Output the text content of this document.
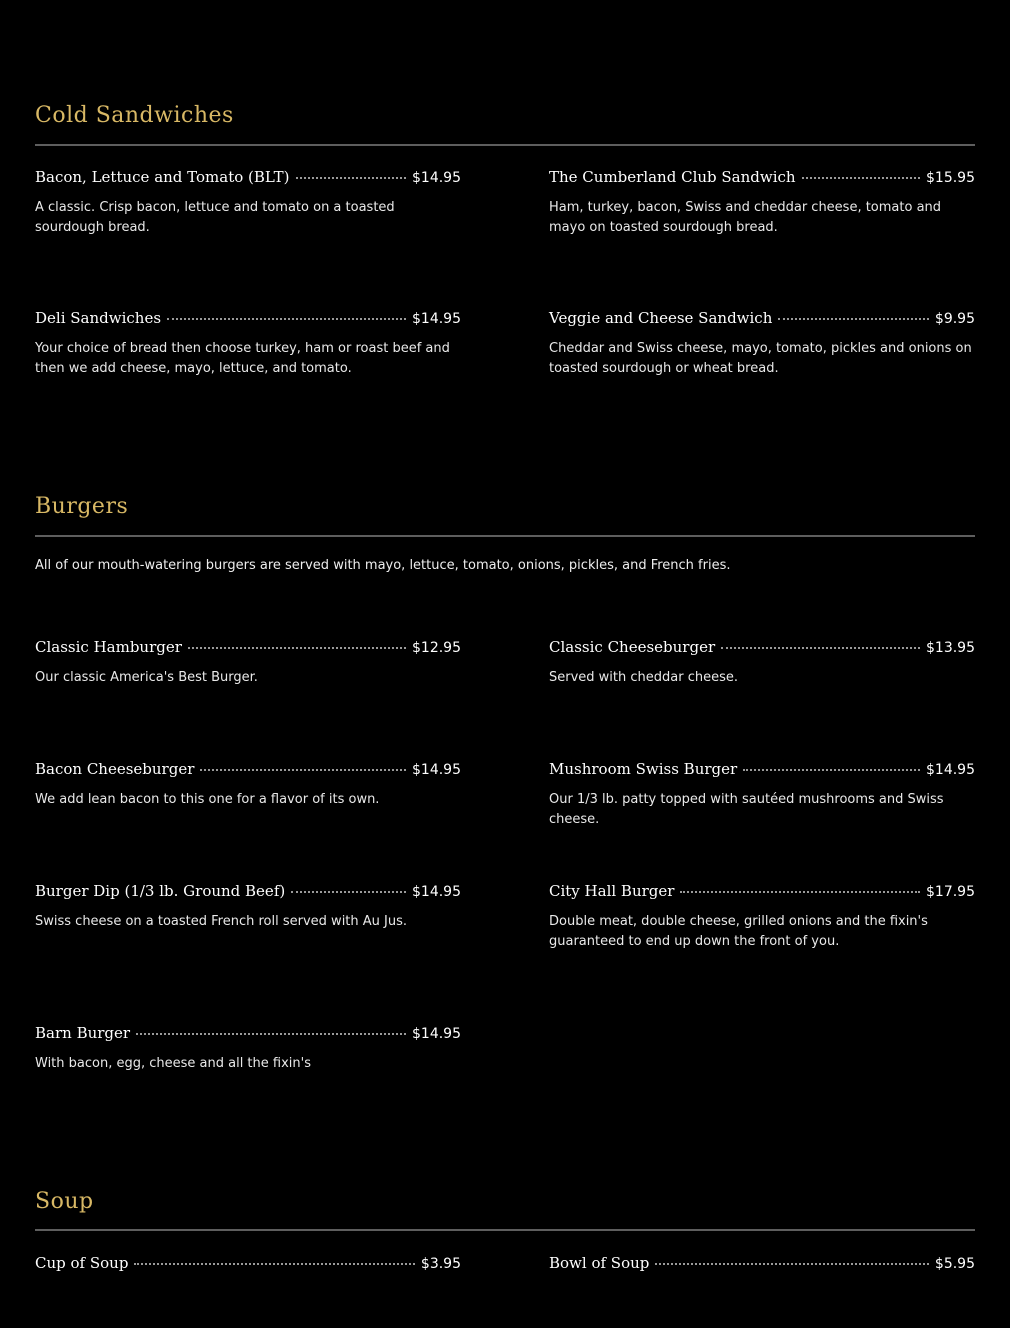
Cold Sandwiches
Bacon, Lettuce and Tomato (BLT)	$14.95
A classic. Crisp bacon, lettuce and tomato on a toasted sourdough bread.
The Cumberland Club Sandwich	$15.95
Ham, turkey, bacon, Swiss and cheddar cheese, tomato and mayo on toasted sourdough bread.
Deli Sandwiches	$14.95
Your choice of bread then choose turkey, ham or roast beef and then we add cheese, mayo, lettuce, and tomato.
Veggie and Cheese Sandwich	$9.95
Cheddar and Swiss cheese, mayo, tomato, pickles and onions on toasted sourdough or wheat bread.
Burgers
All of our mouth-watering burgers are served with mayo, lettuce, tomato, onions, pickles, and French fries.
Classic Hamburger	$12.95
Our classic America's Best Burger.
Classic Cheeseburger	$13.95
Served with cheddar cheese.
Bacon Cheeseburger	$14.95
We add lean bacon to this one for a flavor of its own.
Mushroom Swiss Burger	$14.95
Our 1/3 lb. patty topped with sautéed mushrooms and Swiss cheese.
Burger Dip (1/3 lb. Ground Beef)	$14.95
Swiss cheese on a toasted French roll served with Au Jus.
City Hall Burger	$17.95
Double meat, double cheese, grilled onions and the fixin's guaranteed to end up down the front of you.
Barn Burger	$14.95
With bacon, egg, cheese and all the fixin's
Soup
Cup of Soup	$3.95	Bowl of Soup	$5.95
